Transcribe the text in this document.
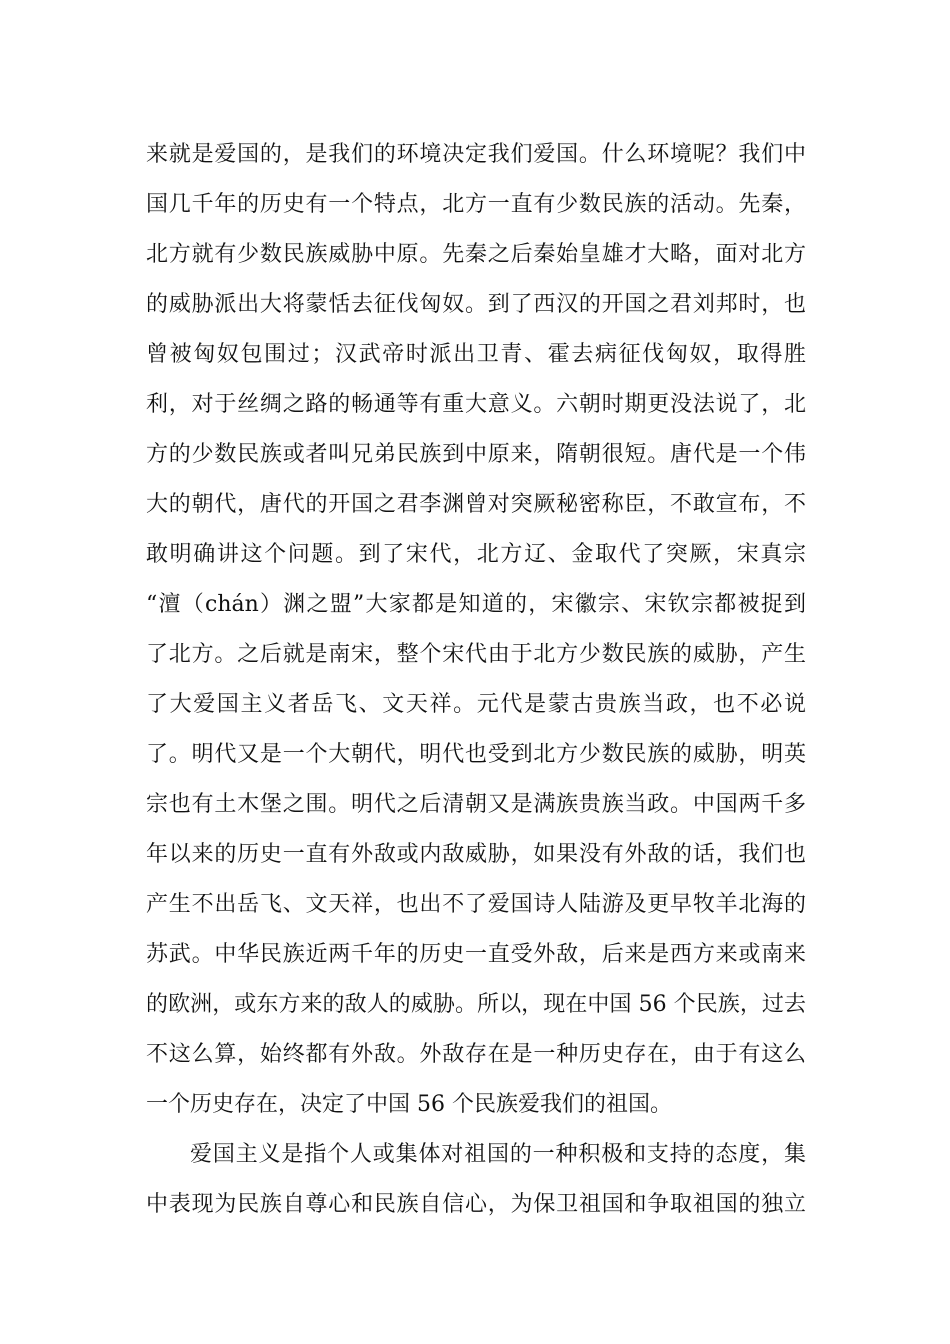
来就是爱国的，是我们的环境决定我们爱国。什么环境呢？我们中
国几千年的历史有一个特点，北方一直有少数民族的活动。先秦，
北方就有少数民族威胁中原。先秦之后秦始皇雄才大略，面对北方
的威胁派出大将蒙恬去征伐匈奴。到了西汉的开国之君刘邦时，也
曾被匈奴包围过；汉武帝时派出卫青、霍去病征伐匈奴，取得胜
利，对于丝绸之路的畅通等有重大意义。六朝时期更没法说了，北
方的少数民族或者叫兄弟民族到中原来，隋朝很短。唐代是一个伟
大的朝代，唐代的开国之君李渊曾对突厥秘密称臣，不敢宣布，不
敢明确讲这个问题。到了宋代，北方辽、金取代了突厥，宋真宗
“澶（chán）渊之盟”大家都是知道的，宋徽宗、宋钦宗都被捉到
了北方。之后就是南宋，整个宋代由于北方少数民族的威胁，产生
了大爱国主义者岳飞、文天祥。元代是蒙古贵族当政，也不必说
了。明代又是一个大朝代，明代也受到北方少数民族的威胁，明英
宗也有土木堡之围。明代之后清朝又是满族贵族当政。中国两千多
年以来的历史一直有外敌或内敌威胁，如果没有外敌的话，我们也
产生不出岳飞、文天祥，也出不了爱国诗人陆游及更早牧羊北海的
苏武。中华民族近两千年的历史一直受外敌，后来是西方来或南来
的欧洲，或东方来的敌人的威胁。所以，现在中国 56 个民族，过去
不这么算，始终都有外敌。外敌存在是一种历史存在，由于有这么
一个历史存在，决定了中国 56 个民族爱我们的祖国。
爱国主义是指个人或集体对祖国的一种积极和支持的态度，集
中表现为民族自尊心和民族自信心，为保卫祖国和争取祖国的独立
